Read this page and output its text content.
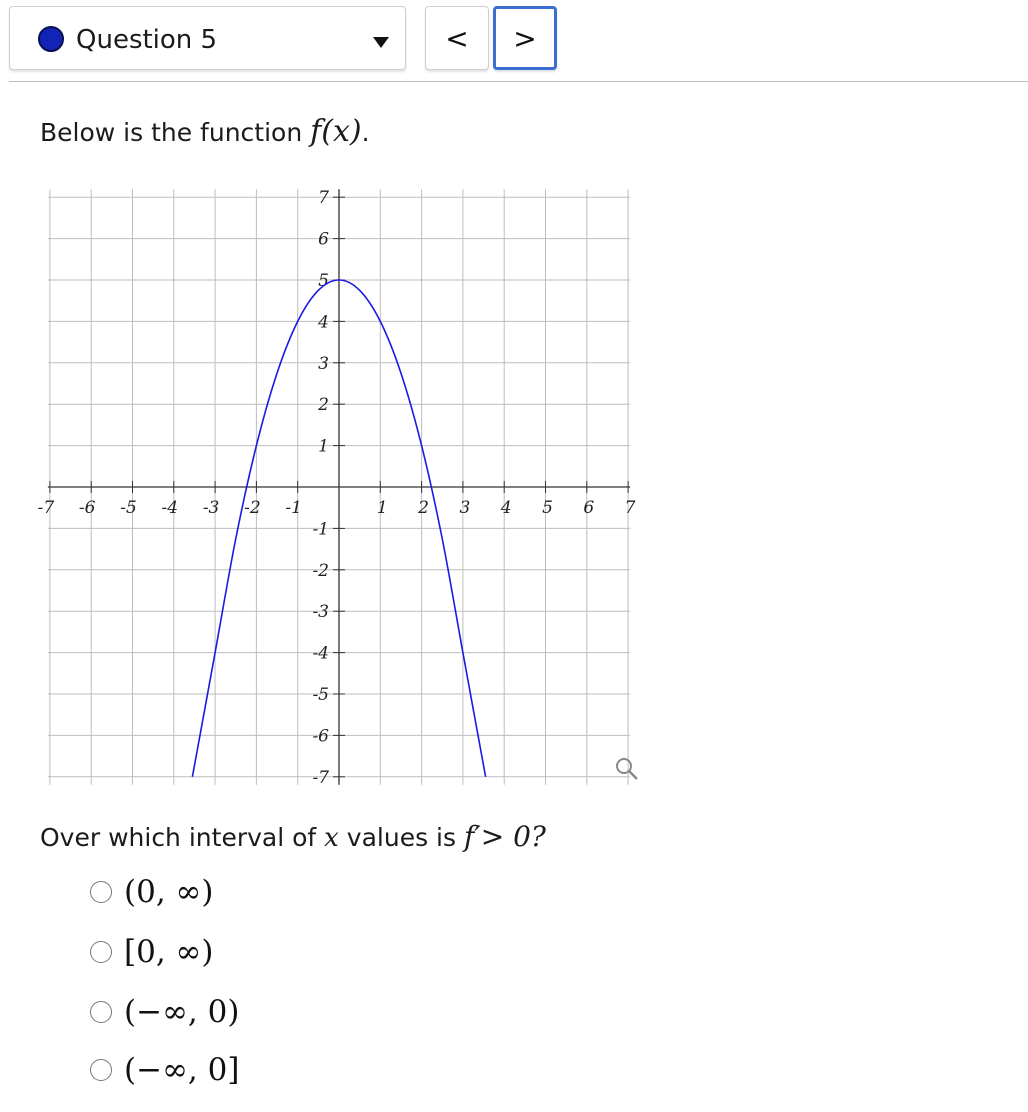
Question 5	<	>
Below is the function f(x).
-7 -6 -5 -4 -3 -2 -1	1 2 3 4 5 6 7
7
6
5
4
3
2
1
-1
-2
-3
-4
-5
-6
-7
Over which interval of x values is f′> 0?
(0, ∞)
[0, ∞)
(−∞, 0)
(−∞, 0]
